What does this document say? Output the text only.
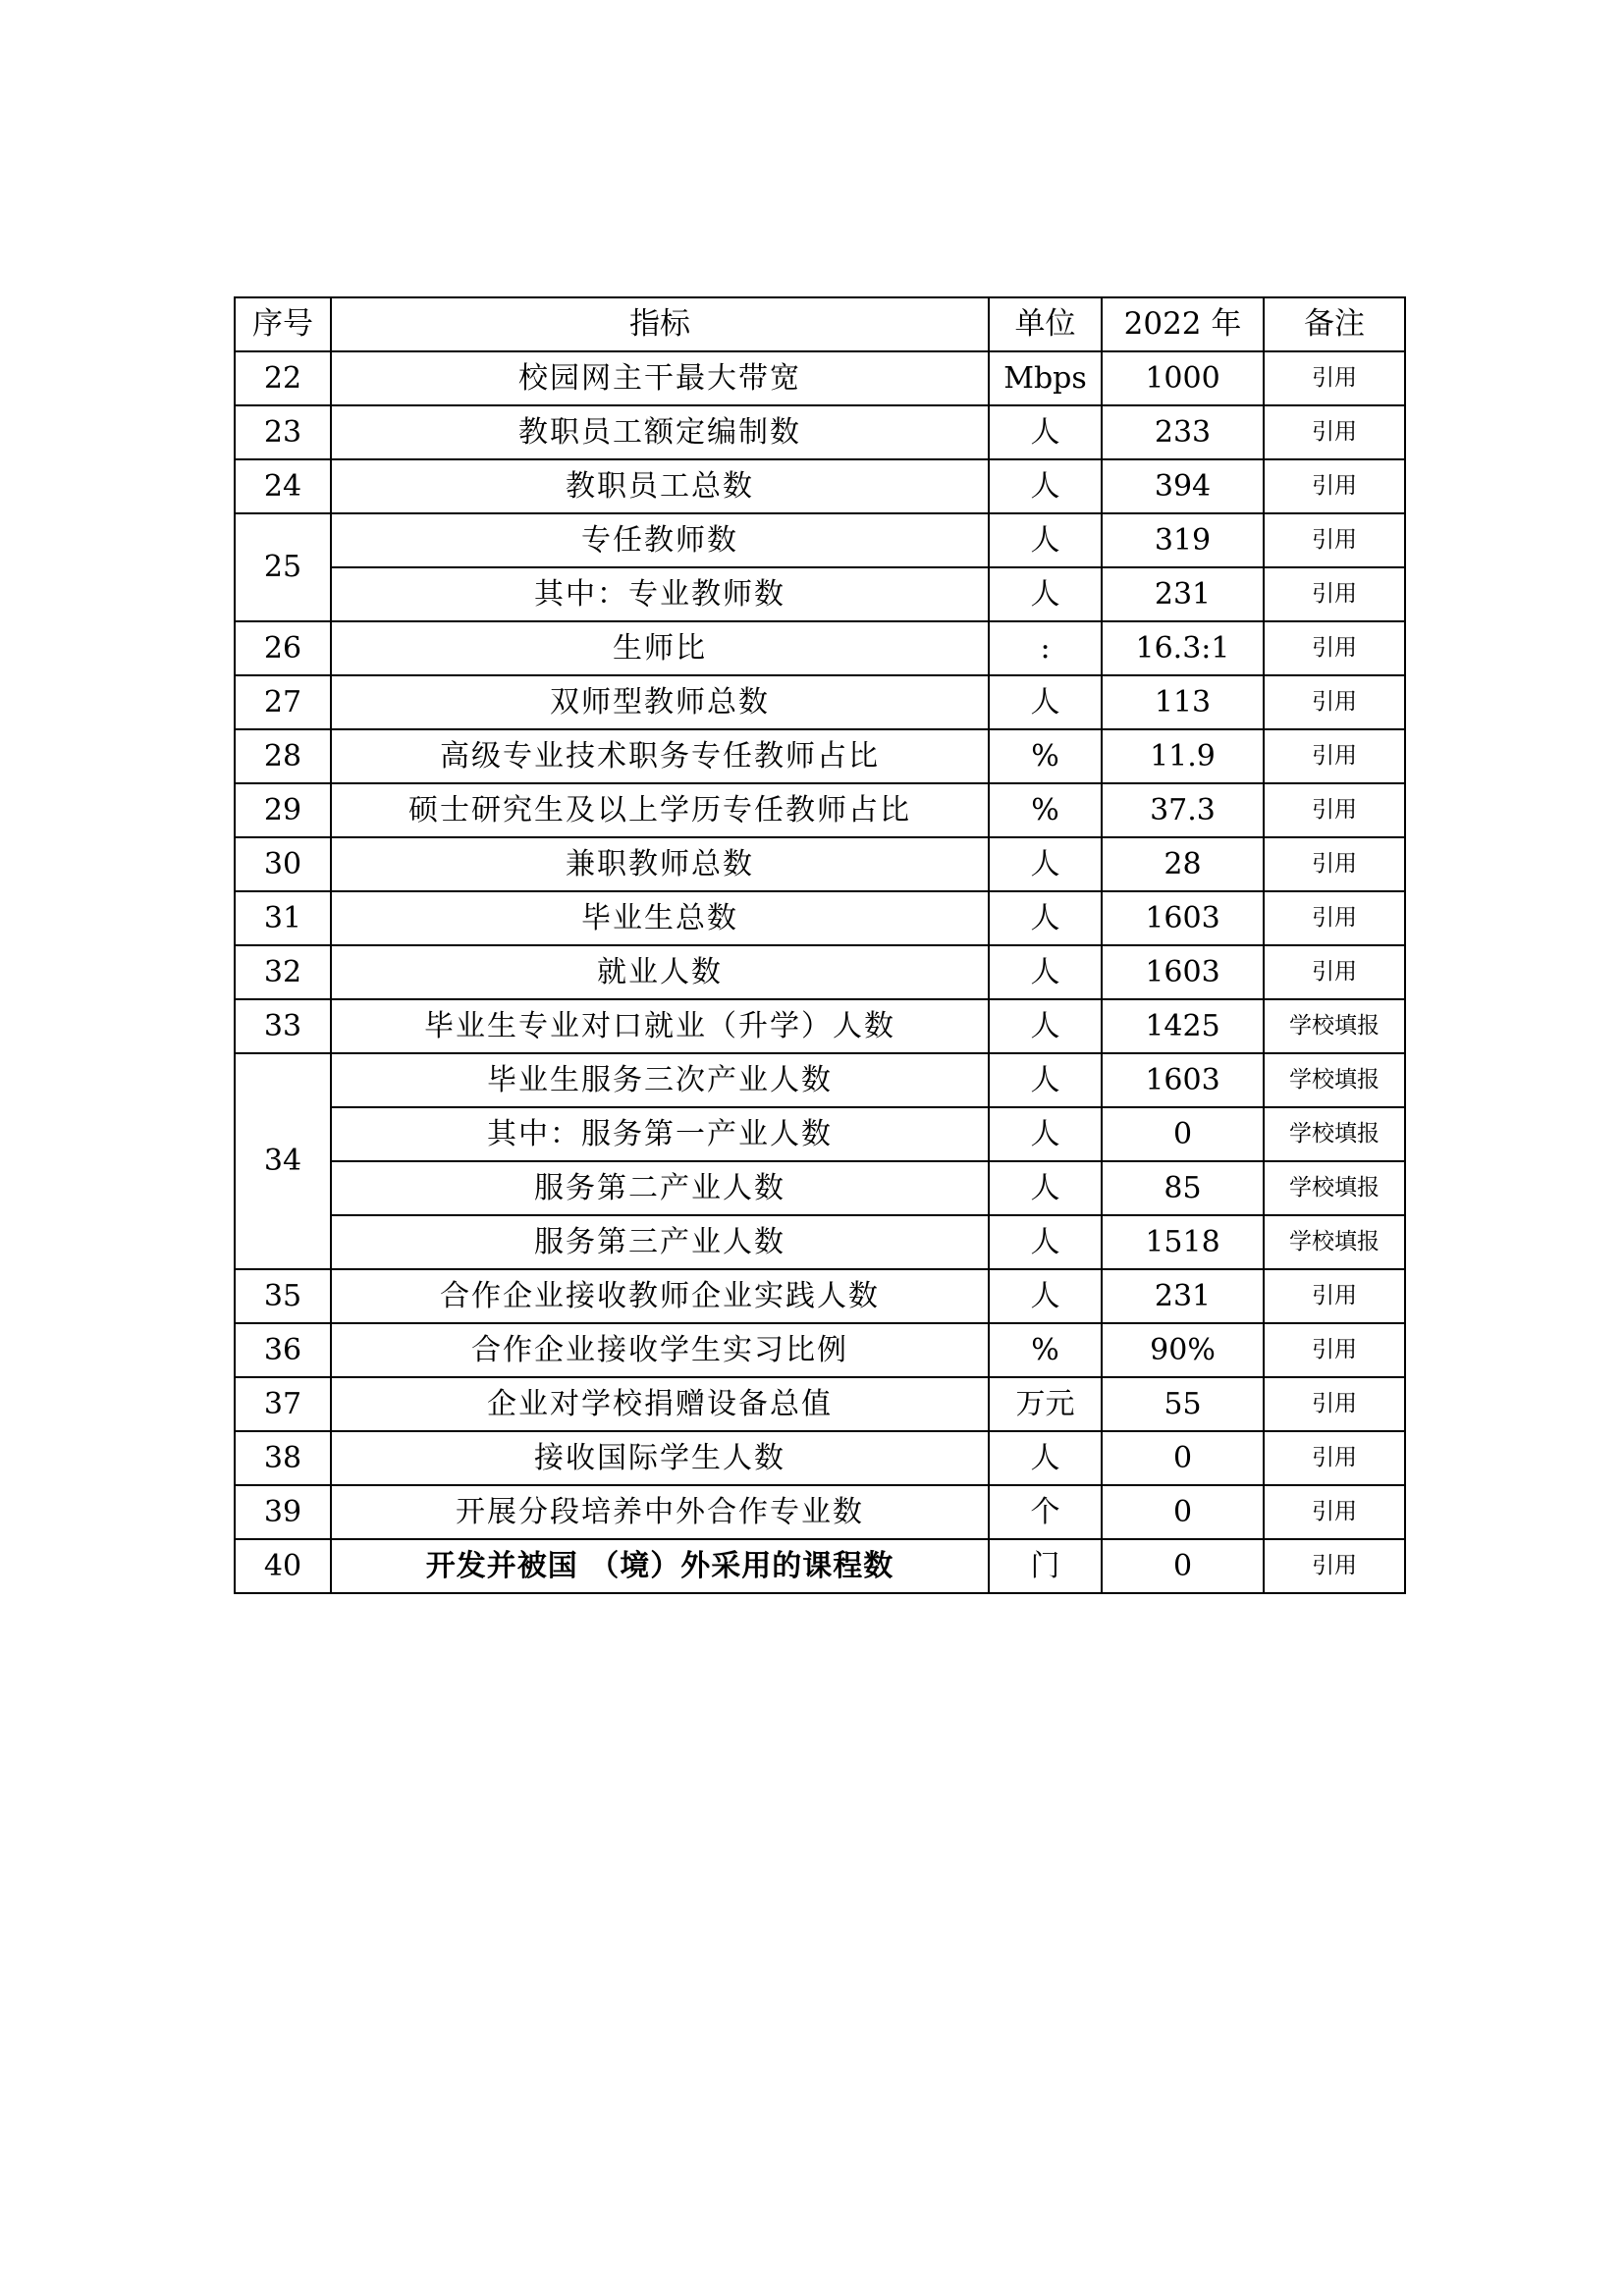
序号	指标	单位	2022 年	备注
22	校园网主干最大带宽	Mbps	1000	引用
23	教职员工额定编制数	人	233	引用
24	教职员工总数	人	394	引用
25	专任教师数	人	319	引用
	其中：专业教师数	人	231	引用
26	生师比	:	16.3:1	引用
27	双师型教师总数	人	113	引用
28	高级专业技术职务专任教师占比	%	11.9	引用
29	硕士研究生及以上学历专任教师占比	%	37.3	引用
30	兼职教师总数	人	28	引用
31	毕业生总数	人	1603	引用
32	就业人数	人	1603	引用
33	毕业生专业对口就业（升学）人数	人	1425	学校填报
34	毕业生服务三次产业人数	人	1603	学校填报
	其中：服务第一产业人数	人	0	学校填报
	服务第二产业人数	人	85	学校填报
	服务第三产业人数	人	1518	学校填报
35	合作企业接收教师企业实践人数	人	231	引用
36	合作企业接收学生实习比例	%	90%	引用
37	企业对学校捐赠设备总值	万元	55	引用
38	接收国际学生人数	人	0	引用
39	开展分段培养中外合作专业数	个	0	引用
40	开发并被国 （境）外采用的课程数	门	0	引用
